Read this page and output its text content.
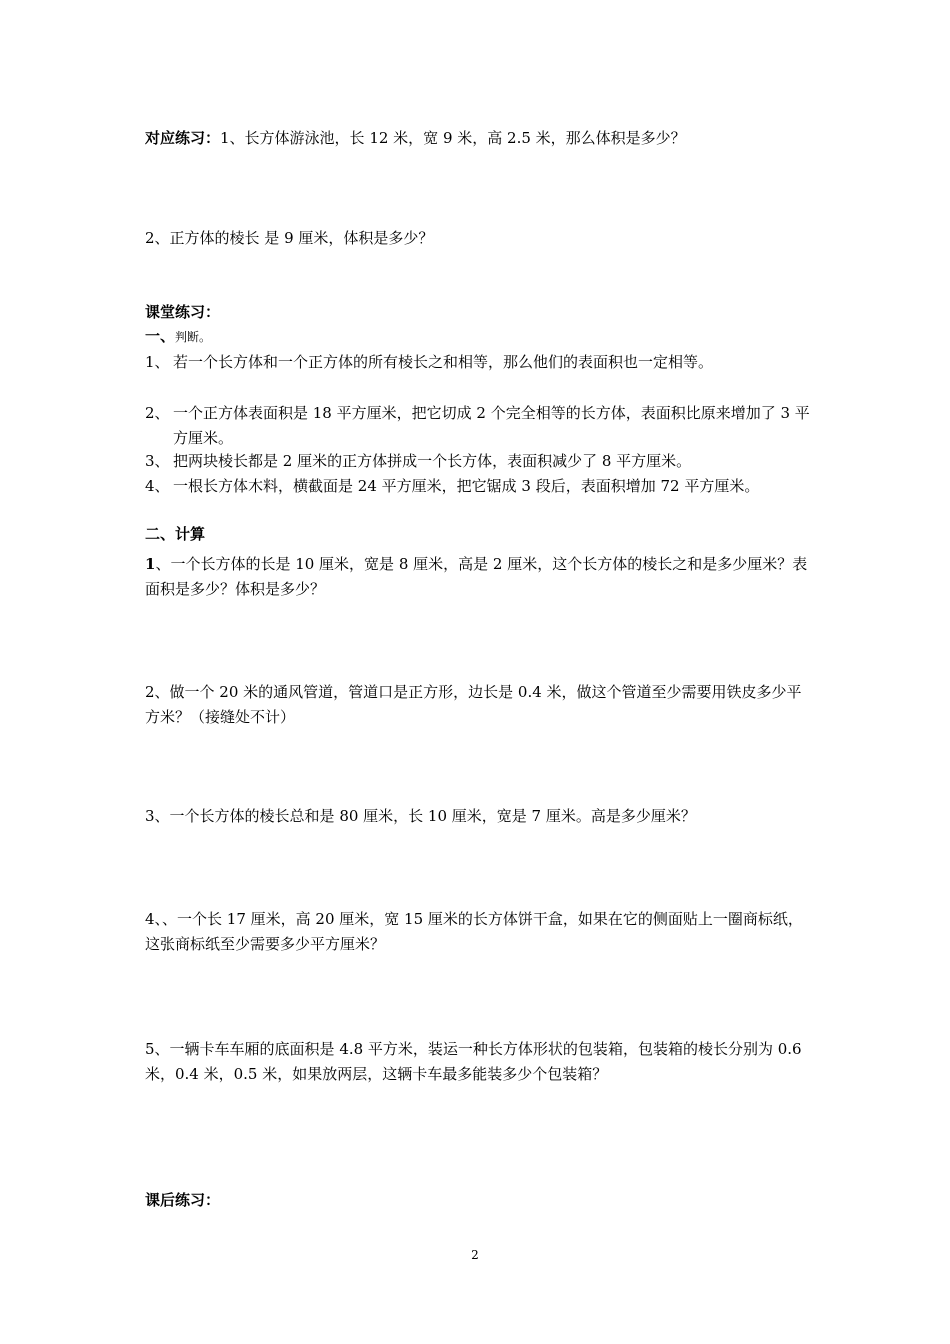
对应练习：1、长方体游泳池，长 12 米，宽 9 米，高 2.5 米，那么体积是多少？

2、正方体的棱长 是 9 厘米，体积是多少？

课堂练习：

一、判断。

1、 若一个长方体和一个正方体的所有棱长之和相等，那么他们的表面积也一定相等。
2、 一个正方体表面积是 18 平方厘米，把它切成 2 个完全相等的长方体，表面积比原来增加了 3 平方厘米。
3、 把两块棱长都是 2 厘米的正方体拼成一个长方体，表面积减少了 8 平方厘米。
4、 一根长方体木料，横截面是 24 平方厘米，把它锯成 3 段后，表面积增加 72 平方厘米。

二、计算

1、一个长方体的长是 10 厘米，宽是 8 厘米，高是 2 厘米，这个长方体的棱长之和是多少厘米？表面积是多少？体积是多少？

2、做一个 20 米的通风管道，管道口是正方形，边长是 0.4 米，做这个管道至少需要用铁皮多少平方米？（接缝处不计）

3、一个长方体的棱长总和是 80 厘米，长 10 厘米，宽是 7 厘米。高是多少厘米？

4、、一个长 17 厘米，高 20 厘米，宽 15 厘米的长方体饼干盒，如果在它的侧面贴上一圈商标纸，这张商标纸至少需要多少平方厘米？

5、一辆卡车车厢的底面积是 4.8 平方米，装运一种长方体形状的包装箱，包装箱的棱长分别为 0.6 米，0.4 米，0.5 米，如果放两层，这辆卡车最多能装多少个包装箱？

课后练习：

2
